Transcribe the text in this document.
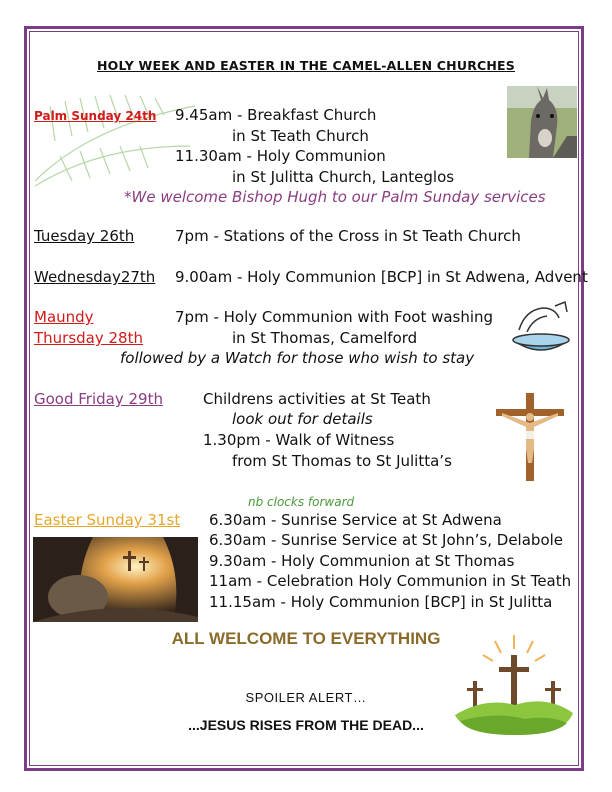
HOLY WEEK AND EASTER IN THE CAMEL-ALLEN CHURCHES
Palm Sunday 24th 9.45am - Breakfast Church
in St Teath Church
11.30am - Holy Communion
in St Julitta Church, Lanteglos
*We welcome Bishop Hugh to our Palm Sunday services
Tuesday 26th	7pm - Stations of the Cross in St Teath Church
Wednesday27th 9.00am - Holy Communion [BCP] in St Adwena, Advent
Maundy
Thursday 28th
7pm - Holy Communion with Foot washing
in St Thomas, Camelford
followed by a Watch for those who wish to stay
Good Friday 29th	Childrens activities at St Teath
look out for details
1.30pm - Walk of Witness
from St Thomas to St Julitta’s
nb clocks forward
Easter Sunday 31st 6.30am - Sunrise Service at St Adwena
6.30am - Sunrise Service at St John’s, Delabole
9.30am - Holy Communion at St Thomas
11am - Celebration Holy Communion in St Teath
11.15am - Holy Communion [BCP] in St Julitta
ALL WELCOME TO EVERYTHING
SPOILER ALERT…
...JESUS RISES FROM THE DEAD...
